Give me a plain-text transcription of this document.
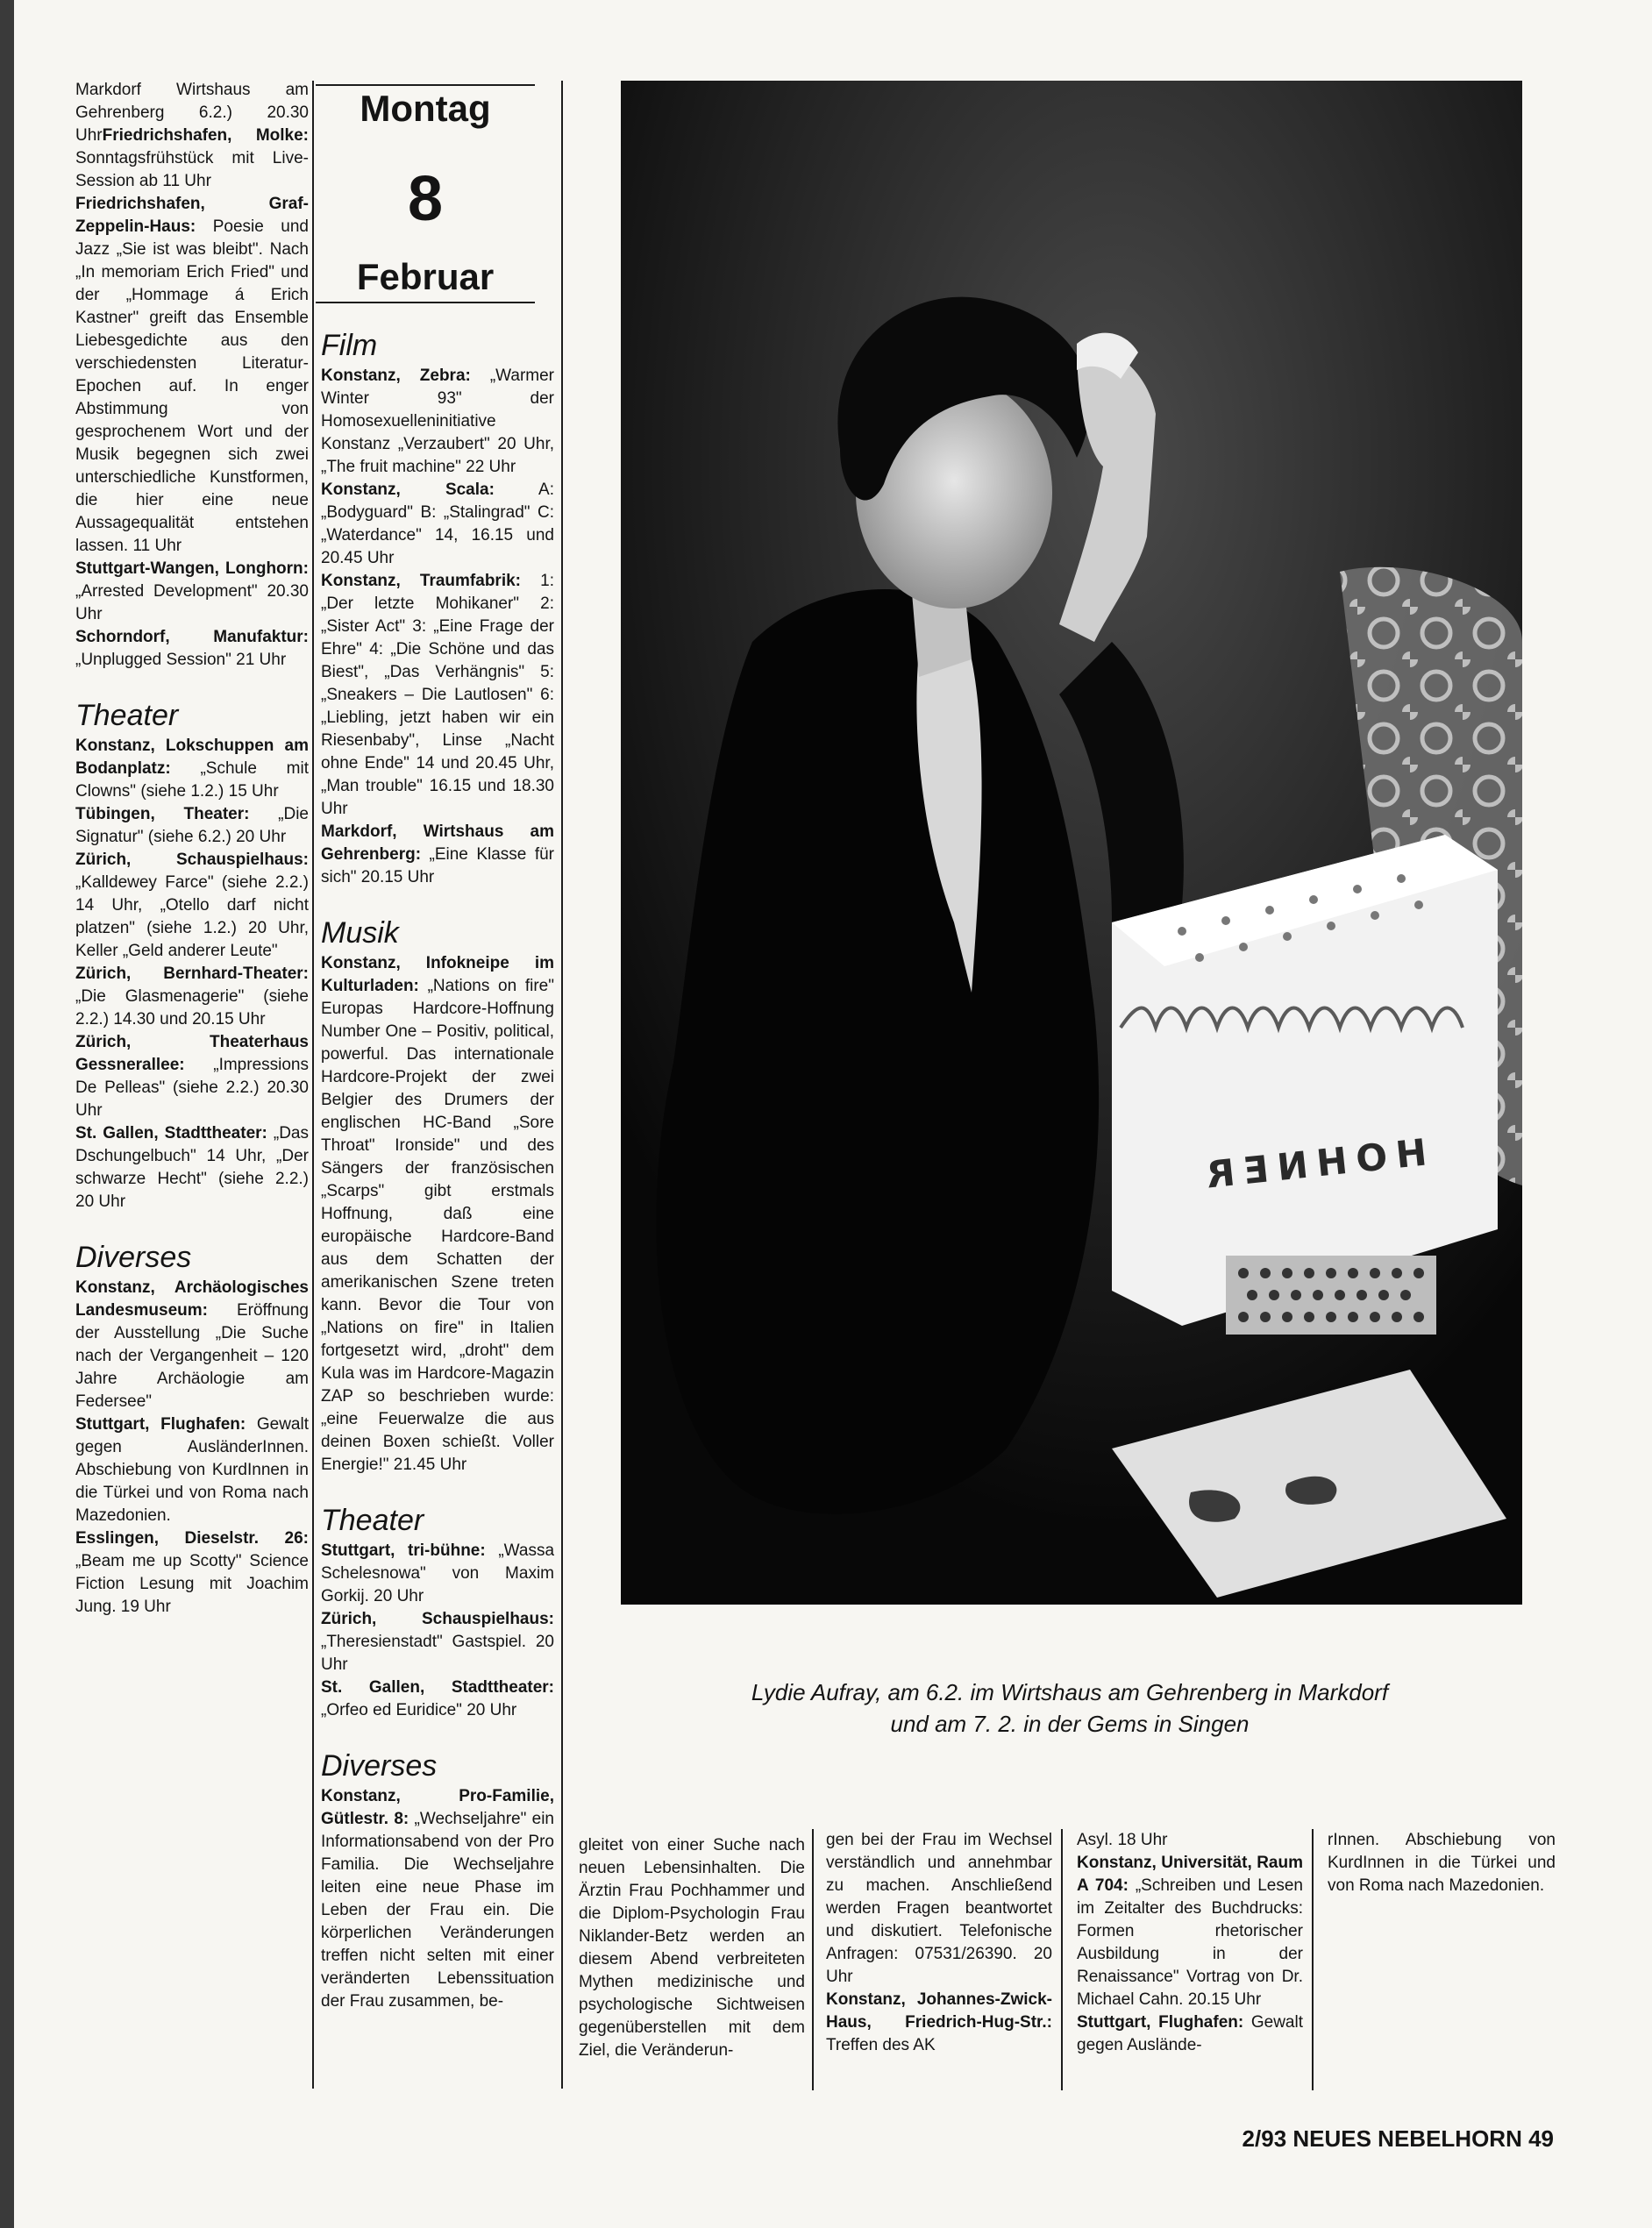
Markdorf Wirtshaus am Gehrenberg 6.2.) 20.30 UhrFriedrichshafen, Molke: Sonntagsfrühstück mit Live-Session ab 11 Uhr

Friedrichshafen, Graf-Zeppelin-Haus: Poesie und Jazz „Sie ist was bleibt". Nach „In memoriam Erich Fried" und der „Hommage á Erich Kastner" greift das Ensemble Liebesgedichte aus den verschiedensten Literatur-Epochen auf. In enger Abstimmung von gesprochenem Wort und der Musik begegnen sich zwei unterschiedliche Kunstformen, die hier eine neue Aussagequalität entstehen lassen. 11 Uhr

Stuttgart-Wangen, Longhorn: „Arrested Development" 20.30 Uhr

Schorndorf, Manufaktur: „Unplugged Session" 21 Uhr

Theater

Konstanz, Lokschuppen am Bodanplatz: „Schule mit Clowns" (siehe 1.2.) 15 Uhr

Tübingen, Theater: „Die Signatur" (siehe 6.2.) 20 Uhr

Zürich, Schauspielhaus: „Kalldewey Farce" (siehe 2.2.) 14 Uhr, „Otello darf nicht platzen" (siehe 1.2.) 20 Uhr, Keller „Geld anderer Leute"

Zürich, Bernhard-Theater: „Die Glasmenagerie" (siehe 2.2.) 14.30 und 20.15 Uhr

Zürich, Theaterhaus Gessnerallee: „Impressions De Pelleas" (siehe 2.2.) 20.30 Uhr

St. Gallen, Stadttheater: „Das Dschungelbuch" 14 Uhr, „Der schwarze Hecht" (siehe 2.2.) 20 Uhr

Diverses

Konstanz, Archäologisches Landesmuseum: Eröffnung der Ausstellung „Die Suche nach der Vergangenheit – 120 Jahre Archäologie am Federsee"

Stuttgart, Flughafen: Gewalt gegen AusländerInnen. Abschiebung von KurdInnen in die Türkei und von Roma nach Mazedonien.

Esslingen, Dieselstr. 26: „Beam me up Scotty" Science Fiction Lesung mit Joachim Jung. 19 Uhr

Montag
8
Februar
Film

Konstanz, Zebra: „Warmer Winter 93" der Homosexuelleninitiative Konstanz „Verzaubert" 20 Uhr, „The fruit machine" 22 Uhr

Konstanz, Scala: A: „Bodyguard" B: „Stalingrad" C: „Waterdance" 14, 16.15 und 20.45 Uhr

Konstanz, Traumfabrik: 1: „Der letzte Mohikaner" 2: „Sister Act" 3: „Eine Frage der Ehre" 4: „Die Schöne und das Biest", „Das Verhängnis" 5: „Sneakers – Die Lautlosen" 6: „Liebling, jetzt haben wir ein Riesenbaby", Linse „Nacht ohne Ende" 14 und 20.45 Uhr, „Man trouble" 16.15 und 18.30 Uhr

Markdorf, Wirtshaus am Gehrenberg: „Eine Klasse für sich" 20.15 Uhr

Musik

Konstanz, Infokneipe im Kulturladen: „Nations on fire" Europas Hardcore-Hoffnung Number One – Positiv, political, powerful. Das internationale Hardcore-Projekt der zwei Belgier des Drumers der englischen HC-Band „Sore Throat" Ironside" und des Sängers der französischen „Scarps" gibt erstmals Hoffnung, daß eine europäische Hardcore-Band aus dem Schatten der amerikanischen Szene treten kann. Bevor die Tour von „Nations on fire" in Italien fortgesetzt wird, „droht" dem Kula was im Hardcore-Magazin ZAP so beschrieben wurde: „eine Feuerwalze die aus deinen Boxen schießt. Voller Energie!" 21.45 Uhr

Theater

Stuttgart, tri-bühne: „Wassa Schelesnowa" von Maxim Gorkij. 20 Uhr

Zürich, Schauspielhaus: „Theresienstadt" Gastspiel. 20 Uhr

St. Gallen, Stadttheater: „Orfeo ed Euridice" 20 Uhr

Diverses

Konstanz, Pro-Familie, Gütlestr. 8: „Wechseljahre" ein Informationsabend von der Pro Familia. Die Wechseljahre leiten eine neue Phase im Leben der Frau ein. Die körperlichen Veränderungen treffen nicht selten mit einer veränderten Lebenssituation der Frau zusammen, be-

HOHNER
Lydie Aufray, am 6.2. im Wirtshaus am Gehrenberg in Markdorf
und am 7. 2. in der Gems in Singen

gleitet von einer Suche nach neuen Lebensinhalten. Die Ärztin Frau Pochhammer und die Diplom-Psychologin Frau Niklander-Betz werden an diesem Abend verbreiteten Mythen medizinische und psychologische Sichtweisen gegenüberstellen mit dem Ziel, die Veränderun-

gen bei der Frau im Wechsel verständlich und annehmbar zu machen. Anschließend werden Fragen beantwortet und diskutiert. Telefonische Anfragen: 07531/26390. 20 Uhr

Konstanz, Johannes-Zwick-Haus, Friedrich-Hug-Str.: Treffen des AK

Asyl. 18 Uhr

Konstanz, Universität, Raum A 704: „Schreiben und Lesen im Zeitalter des Buchdrucks: Formen rhetorischer Ausbildung in der Renaissance" Vortrag von Dr. Michael Cahn. 20.15 Uhr

Stuttgart, Flughafen: Gewalt gegen Auslände-

rInnen. Abschiebung von KurdInnen in die Türkei und von Roma nach Mazedonien.

2/93 NEUES NEBELHORN 49
